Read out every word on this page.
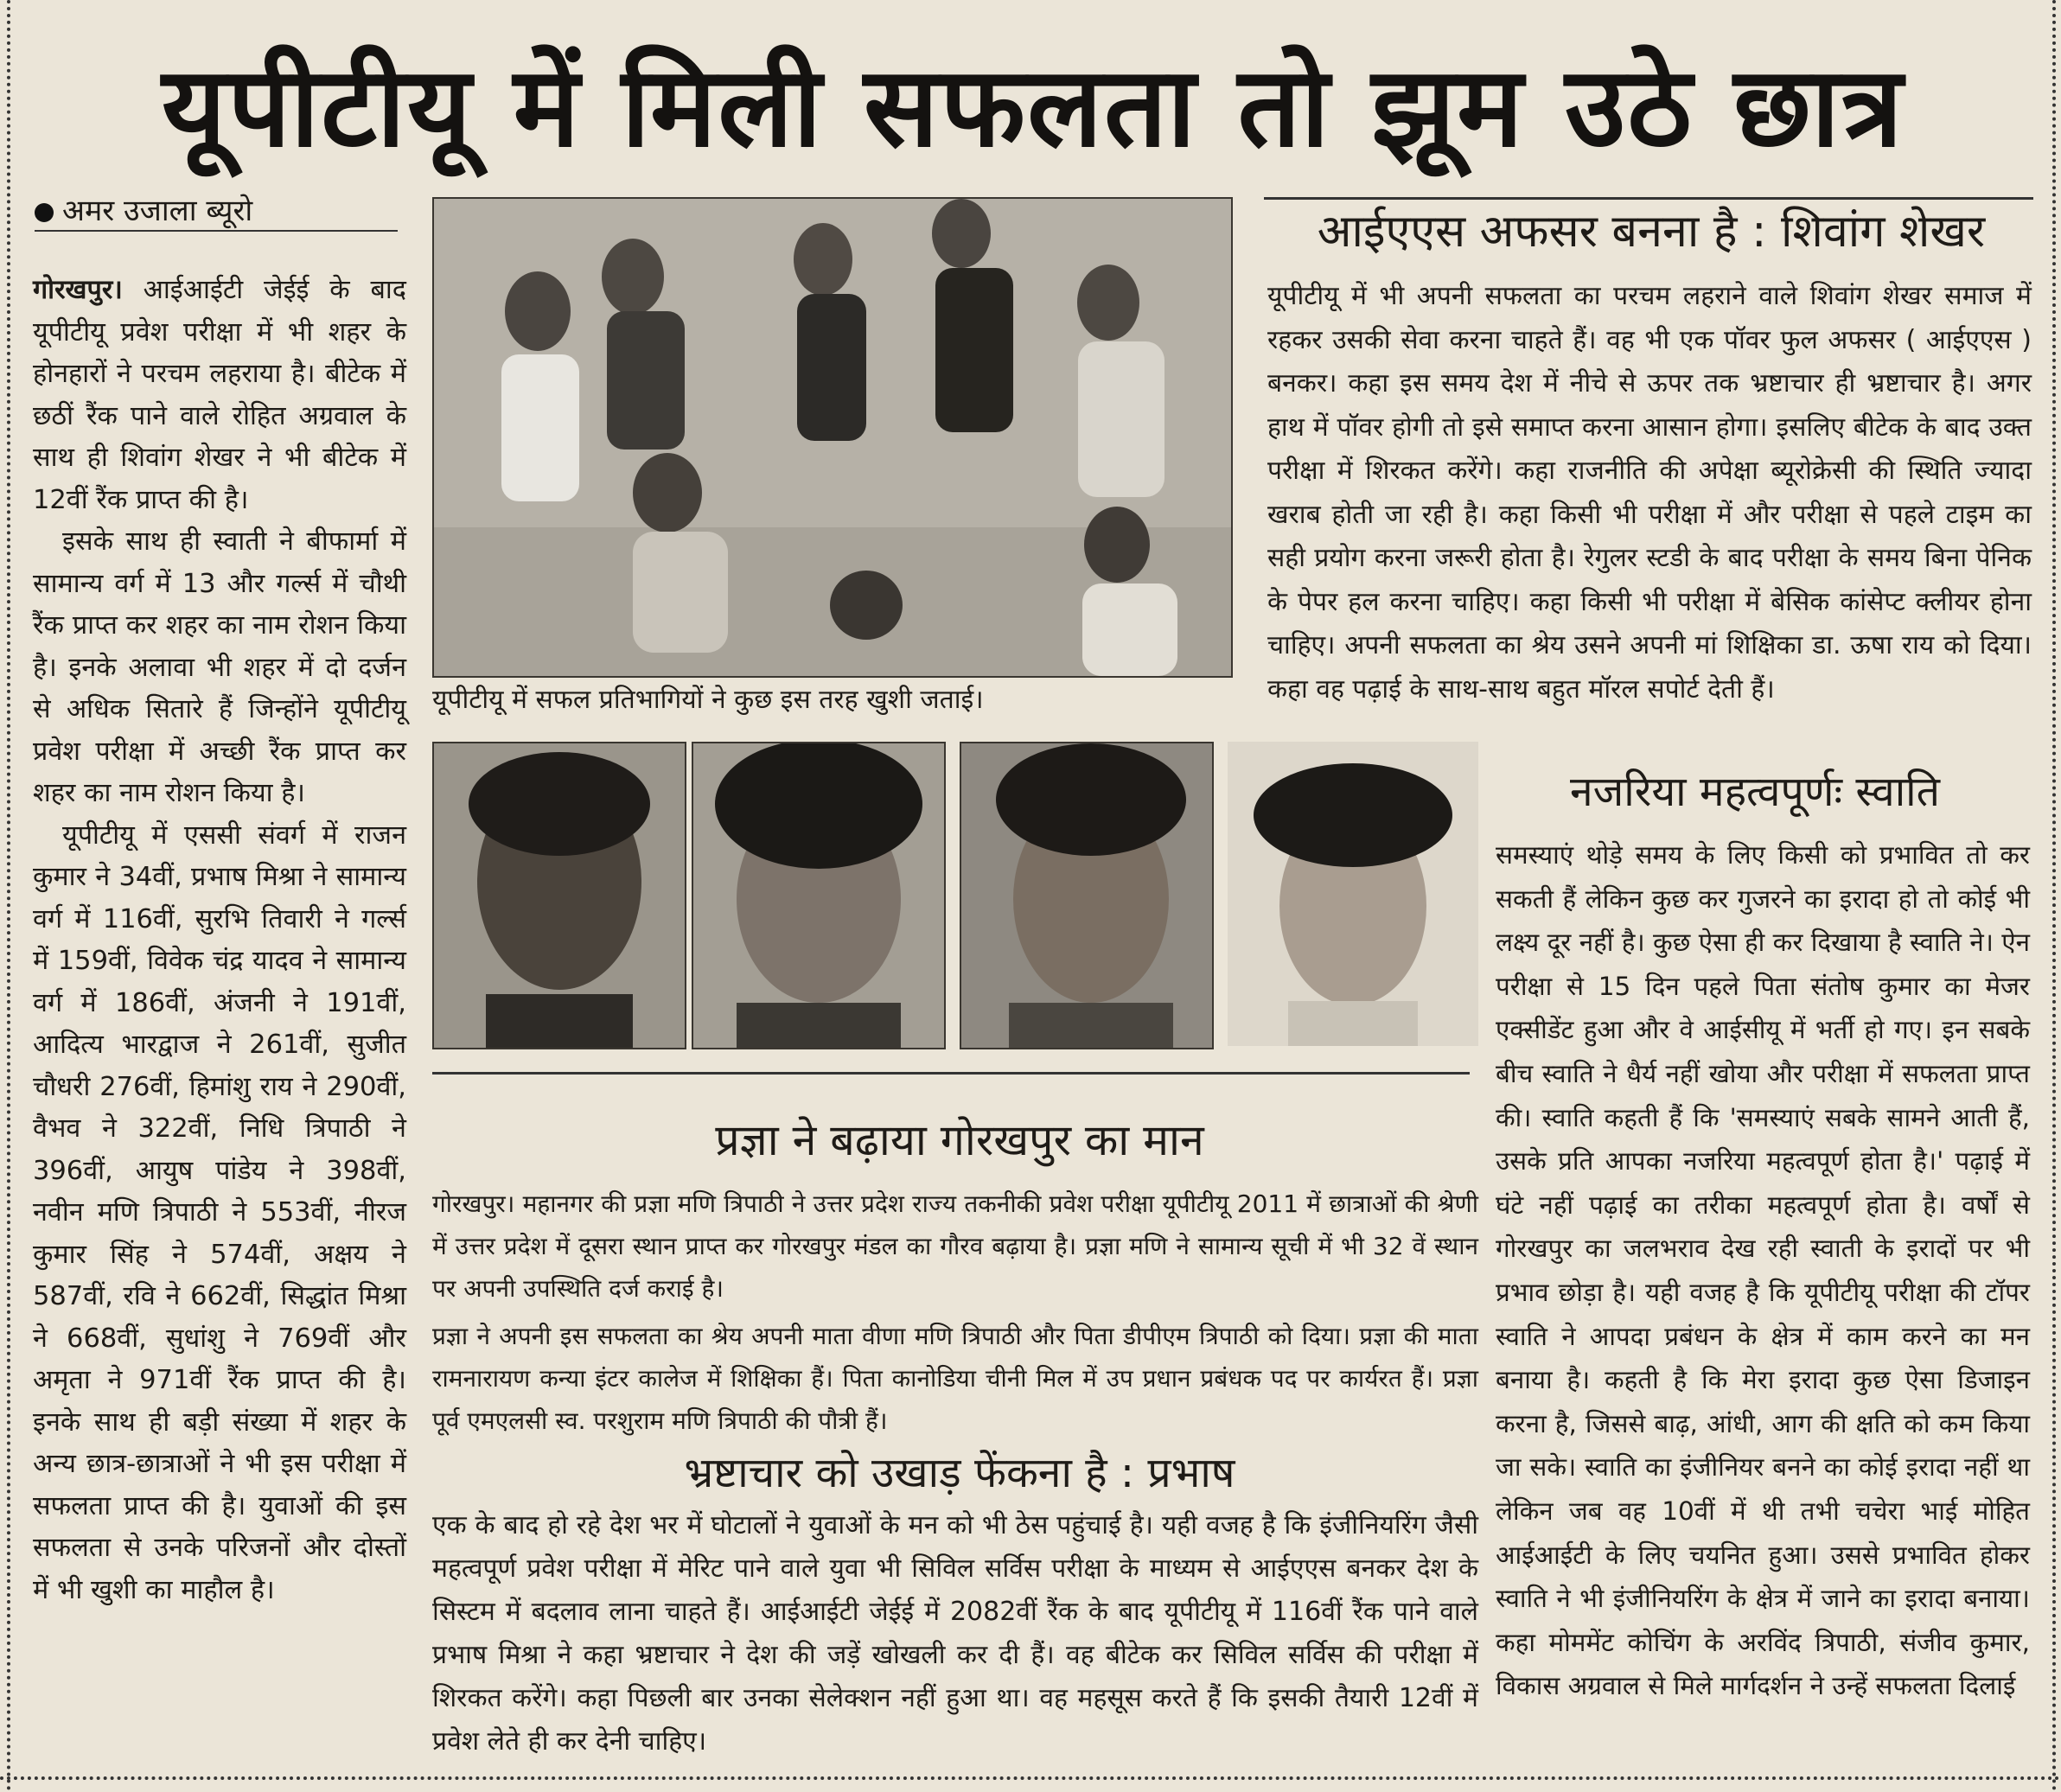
यूपीटीयू में मिली सफलता तो झूम उठे छात्र
अमर उजाला ब्यूरो

गोरखपुर। आईआईटी जेईई के बाद यूपीटीयू प्रवेश परीक्षा में भी शहर के होनहारों ने परचम लहराया है। बीटेक में छठीं रैंक पाने वाले रोहित अग्रवाल के साथ ही शिवांग शेखर ने भी बीटेक में 12वीं रैंक प्राप्त की है।

इसके साथ ही स्वाती ने बीफार्मा में सामान्य वर्ग में 13 और गर्ल्स में चौथी रैंक प्राप्त कर शहर का नाम रोशन किया है। इनके अलावा भी शहर में दो दर्जन से अधिक सितारे हैं जिन्होंने यूपीटीयू प्रवेश परीक्षा में अच्छी रैंक प्राप्त कर शहर का नाम रोशन किया है।

यूपीटीयू में एससी संवर्ग में राजन कुमार ने 34वीं, प्रभाष मिश्रा ने सामान्य वर्ग में 116वीं, सुरभि तिवारी ने गर्ल्स में 159वीं, विवेक चंद्र यादव ने सामान्य वर्ग में 186वीं, अंजनी ने 191वीं, आदित्य भारद्वाज ने 261वीं, सुजीत चौधरी 276वीं, हिमांशु राय ने 290वीं, वैभव ने 322वीं, निधि त्रिपाठी ने 396वीं, आयुष पांडेय ने 398वीं, नवीन मणि त्रिपाठी ने 553वीं, नीरज कुमार सिंह ने 574वीं, अक्षय ने 587वीं, रवि ने 662वीं, सिद्धांत मिश्रा ने 668वीं, सुधांशु ने 769वीं और अमृता ने 971वीं रैंक प्राप्त की है। इनके साथ ही बड़ी संख्या में शहर के अन्य छात्र-छात्राओं ने भी इस परीक्षा में सफलता प्राप्त की है। युवाओं की इस सफलता से उनके परिजनों और दोस्तों में भी खुशी का माहौल है।

यूपीटीयू में सफल प्रतिभागियों ने कुछ इस तरह खुशी जताई।
आईएएस अफसर बनना है : शिवांग शेखर
यूपीटीयू में भी अपनी सफलता का परचम लहराने वाले शिवांग शेखर समाज में रहकर उसकी सेवा करना चाहते हैं। वह भी एक पॉवर फुल अफसर ( आईएएस ) बनकर। कहा इस समय देश में नीचे से ऊपर तक भ्रष्टाचार ही भ्रष्टाचार है। अगर हाथ में पॉवर होगी तो इसे समाप्त करना आसान होगा। इसलिए बीटेक के बाद उक्त परीक्षा में शिरकत करेंगे। कहा राजनीति की अपेक्षा ब्यूरोक्रेसी की स्थिति ज्यादा खराब होती जा रही है। कहा किसी भी परीक्षा में और परीक्षा से पहले टाइम का सही प्रयोग करना जरूरी होता है। रेगुलर स्टडी के बाद परीक्षा के समय बिना पेनिक के पेपर हल करना चाहिए। कहा किसी भी परीक्षा में बेसिक कांसेप्ट क्लीयर होना चाहिए। अपनी सफलता का श्रेय उसने अपनी मां शिक्षिका डा. ऊषा राय को दिया। कहा वह पढ़ाई के साथ-साथ बहुत मॉरल सपोर्ट देती हैं।
नजरिया महत्वपूर्णः स्वाति
समस्याएं थोड़े समय के लिए किसी को प्रभावित तो कर सकती हैं लेकिन कुछ कर गुजरने का इरादा हो तो कोई भी लक्ष्य दूर नहीं है। कुछ ऐसा ही कर दिखाया है स्वाति ने। ऐन परीक्षा से 15 दिन पहले पिता संतोष कुमार का मेजर एक्सीडेंट हुआ और वे आईसीयू में भर्ती हो गए। इन सबके बीच स्वाति ने धैर्य नहीं खोया और परीक्षा में सफलता प्राप्त की। स्वाति कहती हैं कि 'समस्याएं सबके सामने आती हैं, उसके प्रति आपका नजरिया महत्वपूर्ण होता है।' पढ़ाई में घंटे नहीं पढ़ाई का तरीका महत्वपूर्ण होता है। वर्षों से गोरखपुर का जलभराव देख रही स्वाती के इरादों पर भी प्रभाव छोड़ा है। यही वजह है कि यूपीटीयू परीक्षा की टॉपर स्वाति ने आपदा प्रबंधन के क्षेत्र में काम करने का मन बनाया है। कहती है कि मेरा इरादा कुछ ऐसा डिजाइन करना है, जिससे बाढ़, आंधी, आग की क्षति को कम किया जा सके। स्वाति का इंजीनियर बनने का कोई इरादा नहीं था लेकिन जब वह 10वीं में थी तभी चचेरा भाई मोहित आईआईटी के लिए चयनित हुआ। उससे प्रभावित होकर स्वाति ने भी इंजीनियरिंग के क्षेत्र में जाने का इरादा बनाया। कहा मोममेंट कोचिंग के अरविंद त्रिपाठी, संजीव कुमार, विकास अग्रवाल से मिले मार्गदर्शन ने उन्हें सफलता दिलाई
प्रज्ञा ने बढ़ाया गोरखपुर का मान

गोरखपुर। महानगर की प्रज्ञा मणि त्रिपाठी ने उत्तर प्रदेश राज्य तकनीकी प्रवेश परीक्षा यूपीटीयू 2011 में छात्राओं की श्रेणी में उत्तर प्रदेश में दूसरा स्थान प्राप्त कर गोरखपुर मंडल का गौरव बढ़ाया है। प्रज्ञा मणि ने सामान्य सूची में भी 32 वें स्थान पर अपनी उपस्थिति दर्ज कराई है।

प्रज्ञा ने अपनी इस सफलता का श्रेय अपनी माता वीणा मणि त्रिपाठी और पिता डीपीएम त्रिपाठी को दिया। प्रज्ञा की माता रामनारायण कन्या इंटर कालेज में शिक्षिका हैं। पिता कानोडिया चीनी मिल में उप प्रधान प्रबंधक पद पर कार्यरत हैं। प्रज्ञा पूर्व एमएलसी स्व. परशुराम मणि त्रिपाठी की पौत्री हैं।

भ्रष्टाचार को उखाड़ फेंकना है : प्रभाष
एक के बाद हो रहे देश भर में घोटालों ने युवाओं के मन को भी ठेस पहुंचाई है। यही वजह है कि इंजीनियरिंग जैसी महत्वपूर्ण प्रवेश परीक्षा में मेरिट पाने वाले युवा भी सिविल सर्विस परीक्षा के माध्यम से आईएएस बनकर देश के सिस्टम में बदलाव लाना चाहते हैं। आईआईटी जेईई में 2082वीं रैंक के बाद यूपीटीयू में 116वीं रैंक पाने वाले प्रभाष मिश्रा ने कहा भ्रष्टाचार ने देश की जड़ें खोखली कर दी हैं। वह बीटेक कर सिविल सर्विस की परीक्षा में शिरकत करेंगे। कहा पिछली बार उनका सेलेक्शन नहीं हुआ था। वह महसूस करते हैं कि इसकी तैयारी 12वीं में प्रवेश लेते ही कर देनी चाहिए।
